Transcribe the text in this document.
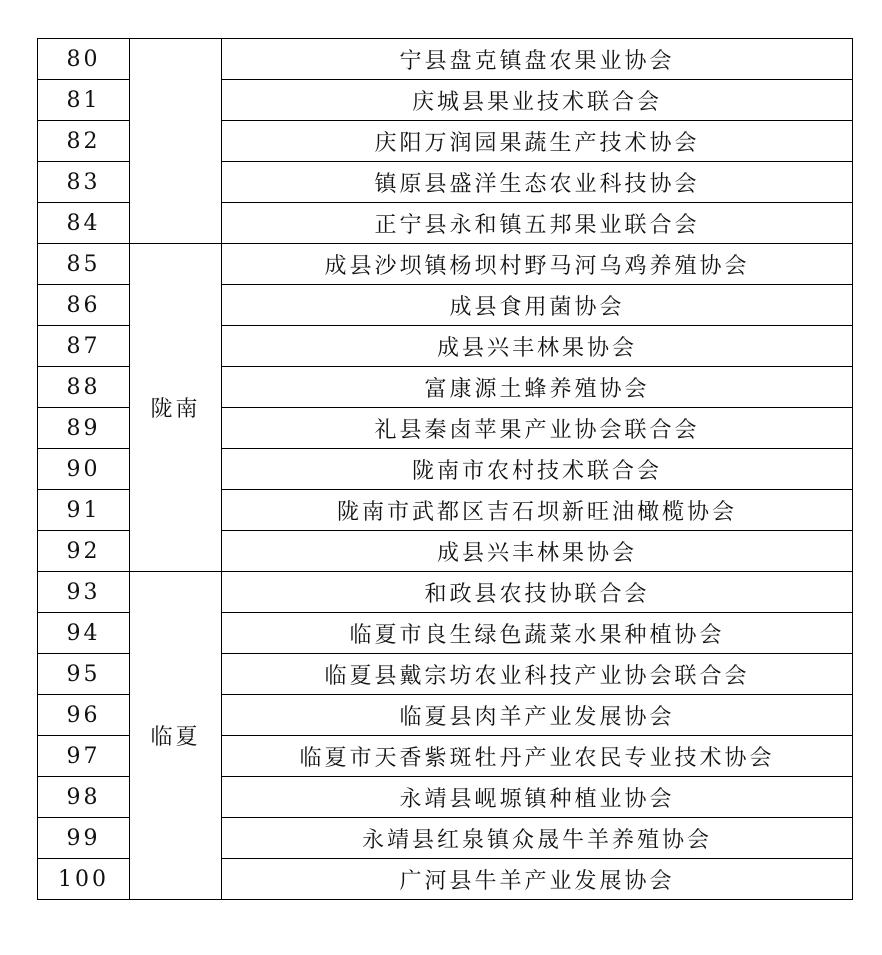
80		宁县盘克镇盘农果业协会
81		庆城县果业技术联合会
82		庆阳万润园果蔬生产技术协会
83		镇原县盛洋生态农业科技协会
84		正宁县永和镇五邦果业联合会
85	陇南	成县沙坝镇杨坝村野马河乌鸡养殖协会
86		成县食用菌协会
87		成县兴丰林果协会
88		富康源土蜂养殖协会
89		礼县秦卤苹果产业协会联合会
90		陇南市农村技术联合会
91		陇南市武都区吉石坝新旺油橄榄协会
92		成县兴丰林果协会
93	临夏	和政县农技协联合会
94		临夏市良生绿色蔬菜水果种植协会
95		临夏县戴宗坊农业科技产业协会联合会
96		临夏县肉羊产业发展协会
97		临夏市天香紫斑牡丹产业农民专业技术协会
98		永靖县岘塬镇种植业协会
99		永靖县红泉镇众晟牛羊养殖协会
100		广河县牛羊产业发展协会
